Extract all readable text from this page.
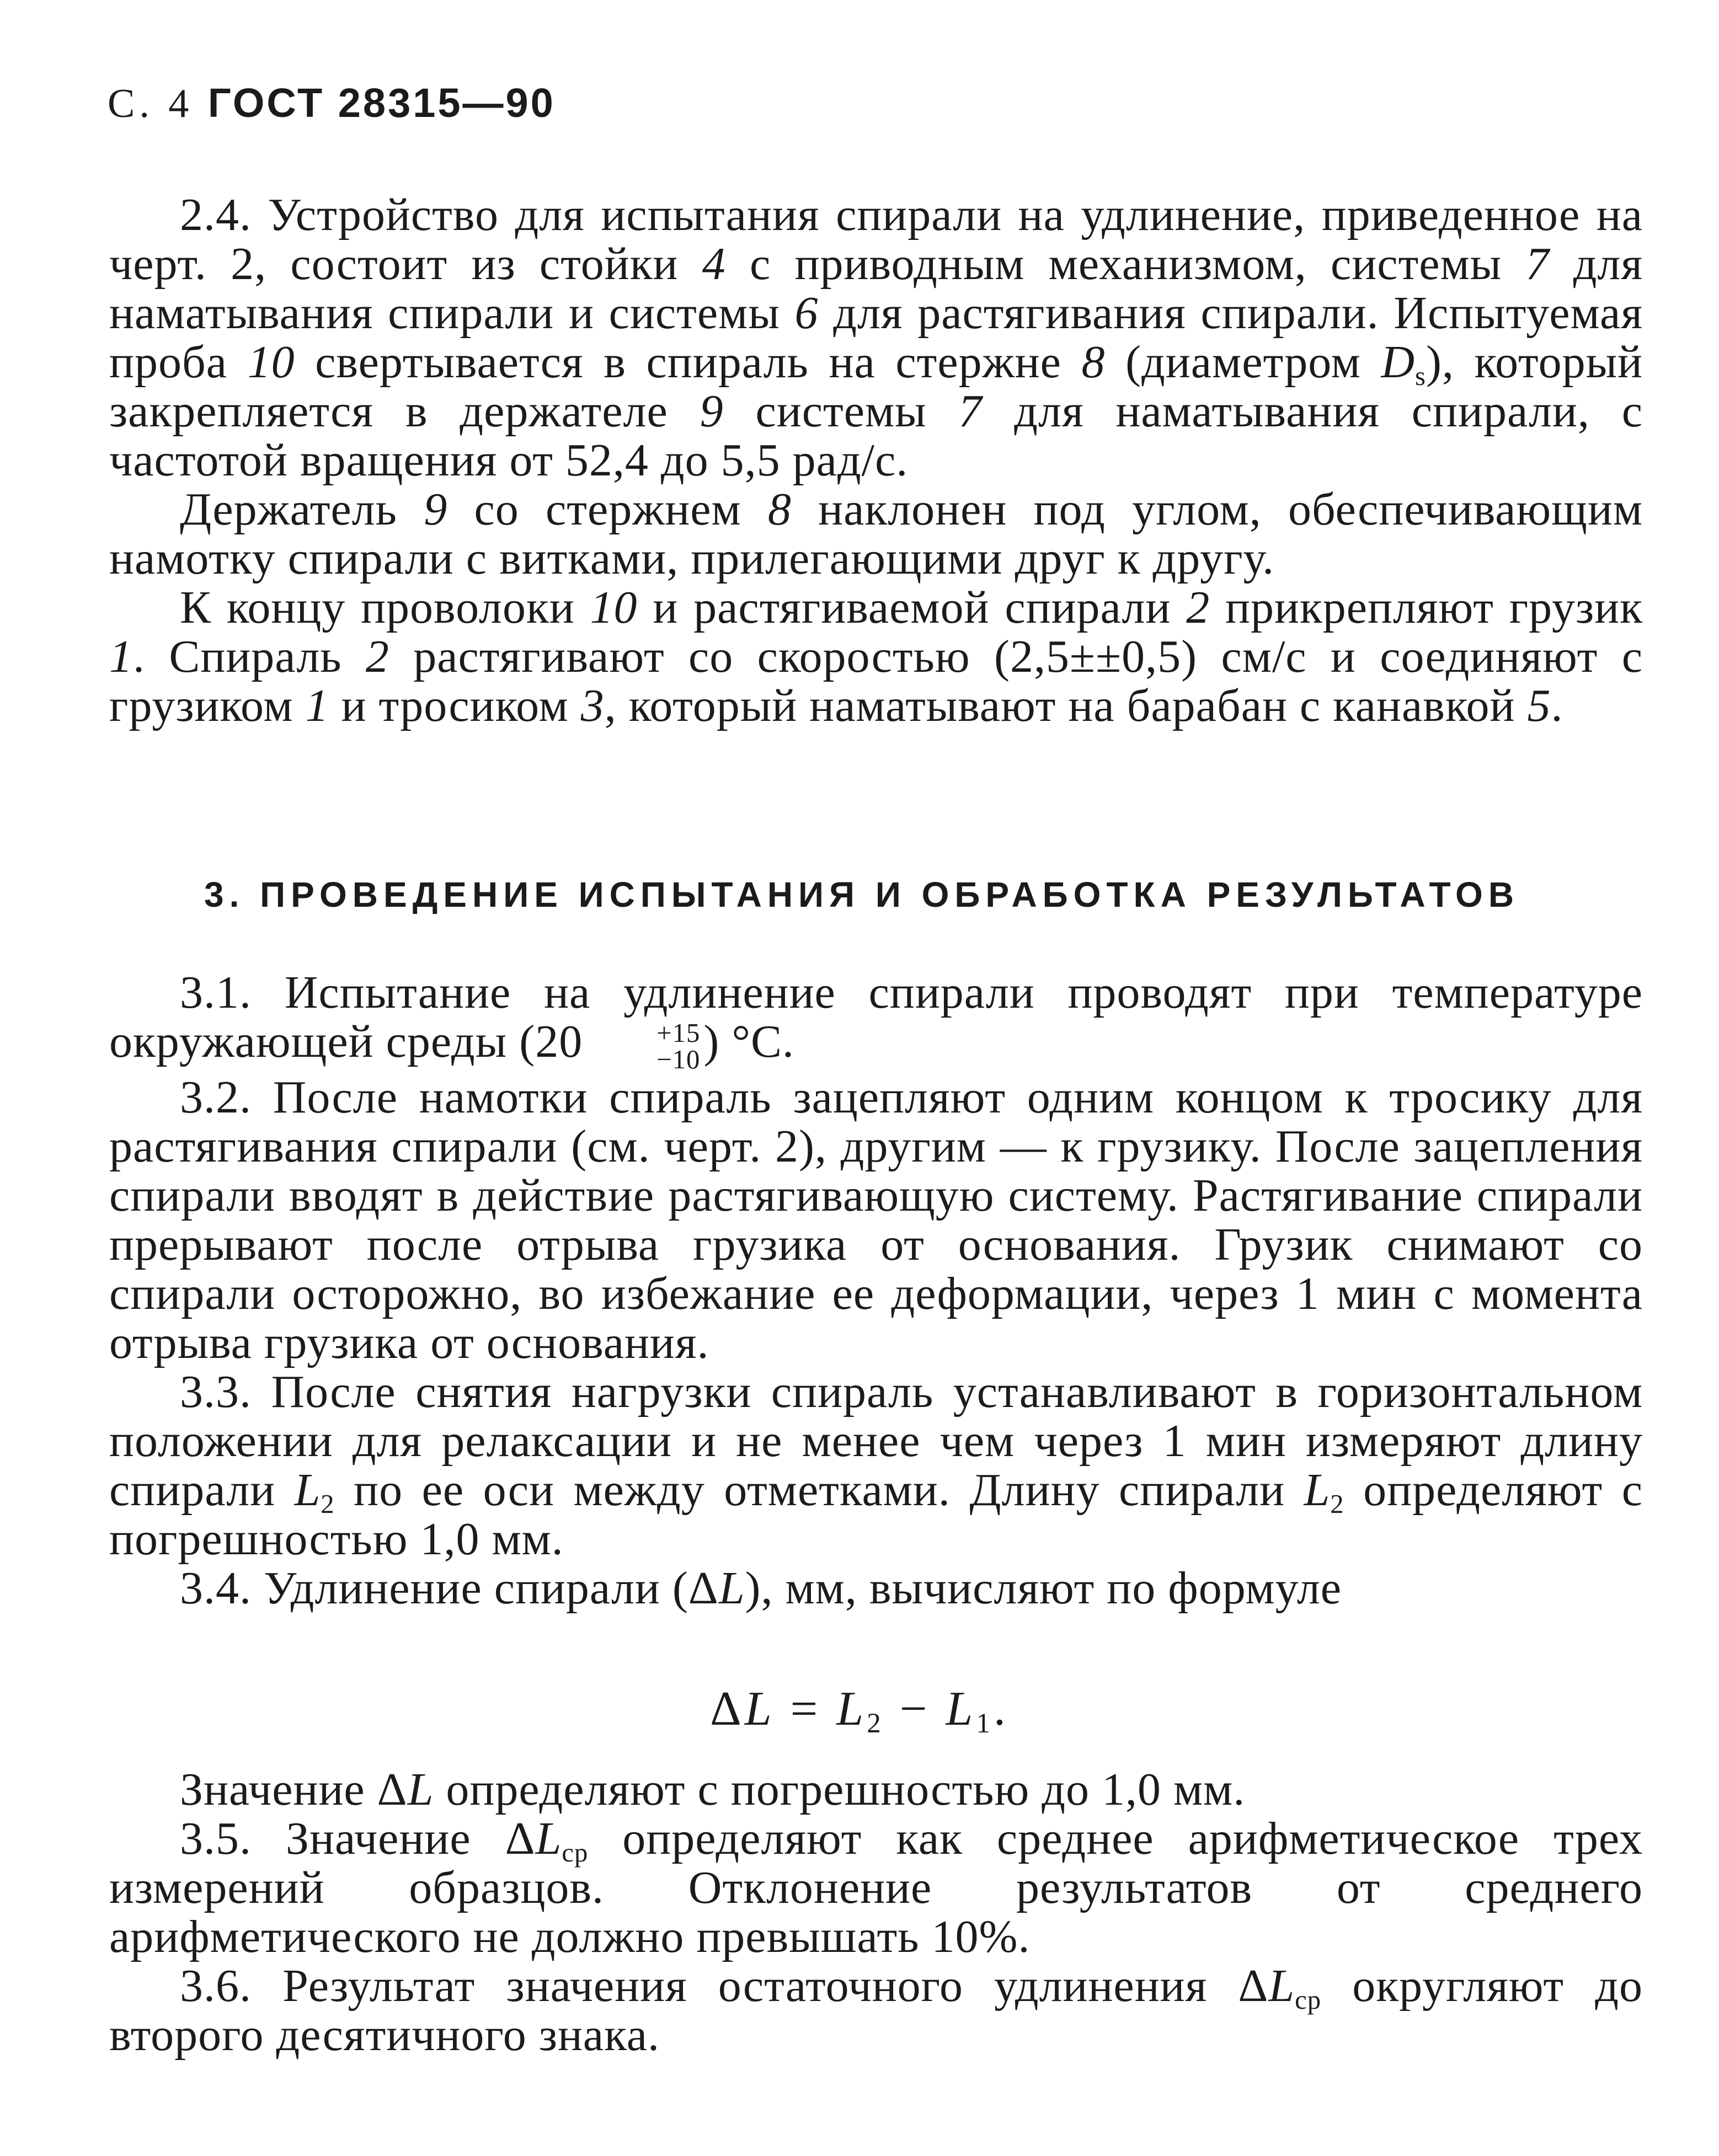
С. 4 ГОСТ 28315—90

2.4. Устройство для испытания спирали на удлинение, приведенное на черт. 2, состоит из стойки 4 с приводным механизмом, системы 7 для наматывания спирали и системы 6 для растягивания спирали. Испытуемая проба 10 свертывается в спираль на стержне 8 (диаметром $D_s$), который закрепляется в держателе 9 системы 7 для наматывания спирали, с частотой вращения от 52,4 до 5,5 рад/с.

Держатель 9 со стержнем 8 наклонен под углом, обеспечивающим намотку спирали с витками, прилегающими друг к другу.

К концу проволоки 10 и растягиваемой спирали 2 прикрепляют грузик 1. Спираль 2 растягивают со скоростью (2,5±±0,5) см/с и соединяют с грузиком 1 и тросиком 3, который наматывают на барабан с канавкой 5.

3. ПРОВЕДЕНИЕ ИСПЫТАНИЯ И ОБРАБОТКА РЕЗУЛЬТАТОВ

3.1. Испытание на удлинение спирали проводят при температуре окружающей среды (20	+15
−10 ) °С.

3.2. После намотки спираль зацепляют одним концом к тросику для растягивания спирали (см. черт. 2), другим — к грузику. После зацепления спирали вводят в действие растягивающую систему. Растягивание спирали прерывают после отрыва грузика от основания. Грузик снимают со спирали осторожно, во избежание ее деформации, через 1 мин с момента отрыва грузика от основания.

3.3. После снятия нагрузки спираль устанавливают в горизонтальном положении для релаксации и не менее чем через 1 мин измеряют длину спирали $L_2$ по ее оси между отметками. Длину спирали $L_2$ определяют с погрешностью 1,0 мм.

3.4. Удлинение спирали (ΔL), мм, вычисляют по формуле

$\Delta L = L_2 - L_1$.

Значение ΔL определяют с погрешностью до 1,0 мм.

3.5. Значение $\Delta L_{ср}$ определяют как среднее арифметическое трех измерений образцов. Отклонение результатов от среднего арифметического не должно превышать 10%.

3.6. Результат значения остаточного удлинения $\Delta L_{ср}$ округляют до второго десятичного знака.
